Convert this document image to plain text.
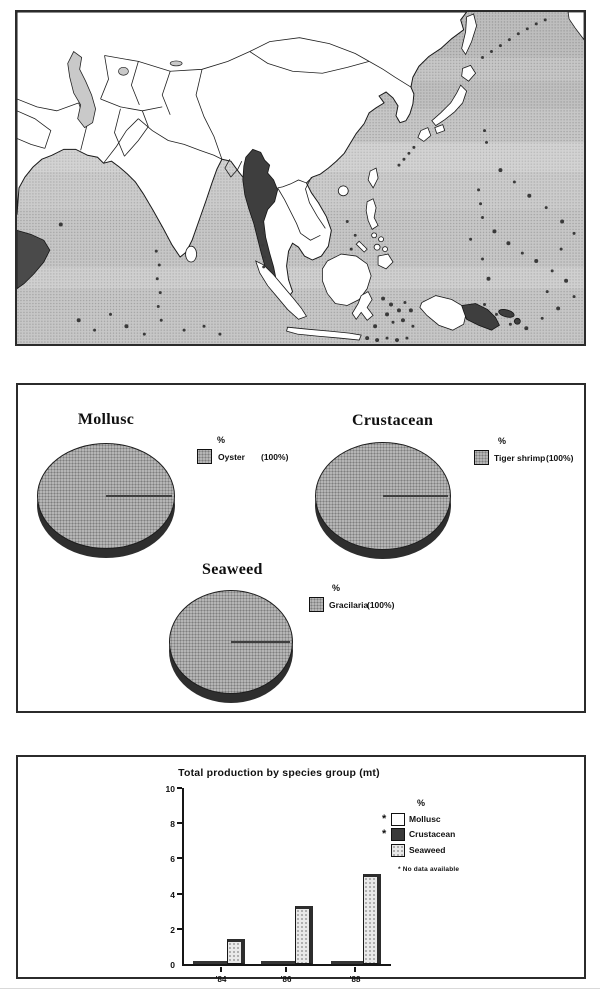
Mollusc
%
Oyster (100%)
Crustacean
%
Tiger shrimp (100%)
Seaweed
%
Gracilaria
(100%)
Total production by species group (mt)
10
8
6
4
2
0
'84	'86	'88
%
*	Mollusc
*	Crustacean
Seaweed
* No data available
